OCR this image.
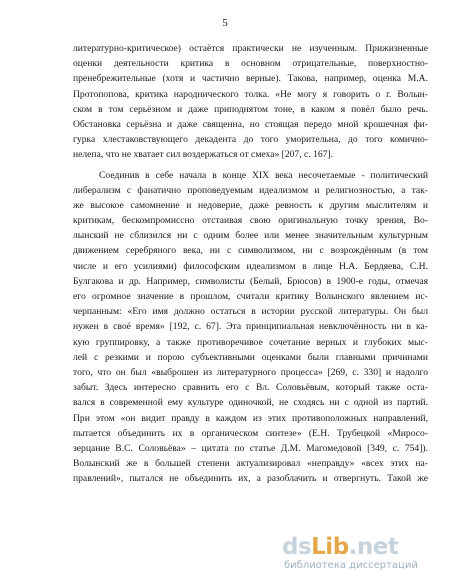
5
литературно-критическое) остаётся практически не изученным. Прижизненные
оценки деятельности критика в основном отрицательные, поверхностно-
пренебрежительные (хотя и частично верные). Такова, например, оценка М.А.
Протопопова, критика народнического толка. «Не могу я говорить о г. Волын-
ском в том серьёзном и даже приподнятом тоне, в каком я повёл было речь.
Обстановка серьёзна и даже священна, но стоящая передо мной крошечная фи-
гурка хлестаковствующего декадента до того уморительна, до того комично-
нелепа, что не хватает сил воздержаться от смеха» [207, с. 167].
Соединив в себе начала в конце XIX века несочетаемые - политический
либерализм с фанатично проповедуемым идеализмом и религиозностью, а так-
же высокое самомнение и недоверие, даже ревность к другим мыслителям и
критикам, бескомпромиссно отстаивая свою оригинальную точку зрения, Во-
лынский не сблизился ни с одним более или менее значительным культурным
движением серебряного века, ни с символизмом, ни с возрождённым (в том
числе и его усилиями) философским идеализмом в лице Н.А. Бердяева, С.Н.
Булгакова и др. Например, символисты (Белый, Брюсов) в 1900-е годы, отмечая
его огромное значение в прошлом, считали критику Волынского явлением ис-
черпанным: «Его имя должно остаться в истории русской литературы. Он был
нужен в своё время» [192, с. 67]. Эта принципиальная невключённость ни в ка-
кую группировку, а также противоречивое сочетание верных и глубоких мыс-
лей с резкими и порою субъективными оценками были главными причинами
того, что он был «выброшен из литературного процесса» [269, с. 330] и надолго
забыт. Здесь интересно сравнить его с Вл. Соловьёвым, который также оста-
вался в современной ему культуре одиночкой, не сходясь ни с одной из партий.
При этом «он видит правду в каждом из этих противоположных направлений,
пытается объединить их в органическом синтезе» (Е.Н. Трубецкой «Миросо-
зерцание В.С. Соловьёва» – цитата по статье Д.М. Магомедовой [349, с. 754]).
Волынский же в большей степени актуализировал «неправду» «всех этих на-
правлений», пытался не объединить их, а разоблачить и отвергнуть. Такой же
dsLib.net
библиотека диссертаций
